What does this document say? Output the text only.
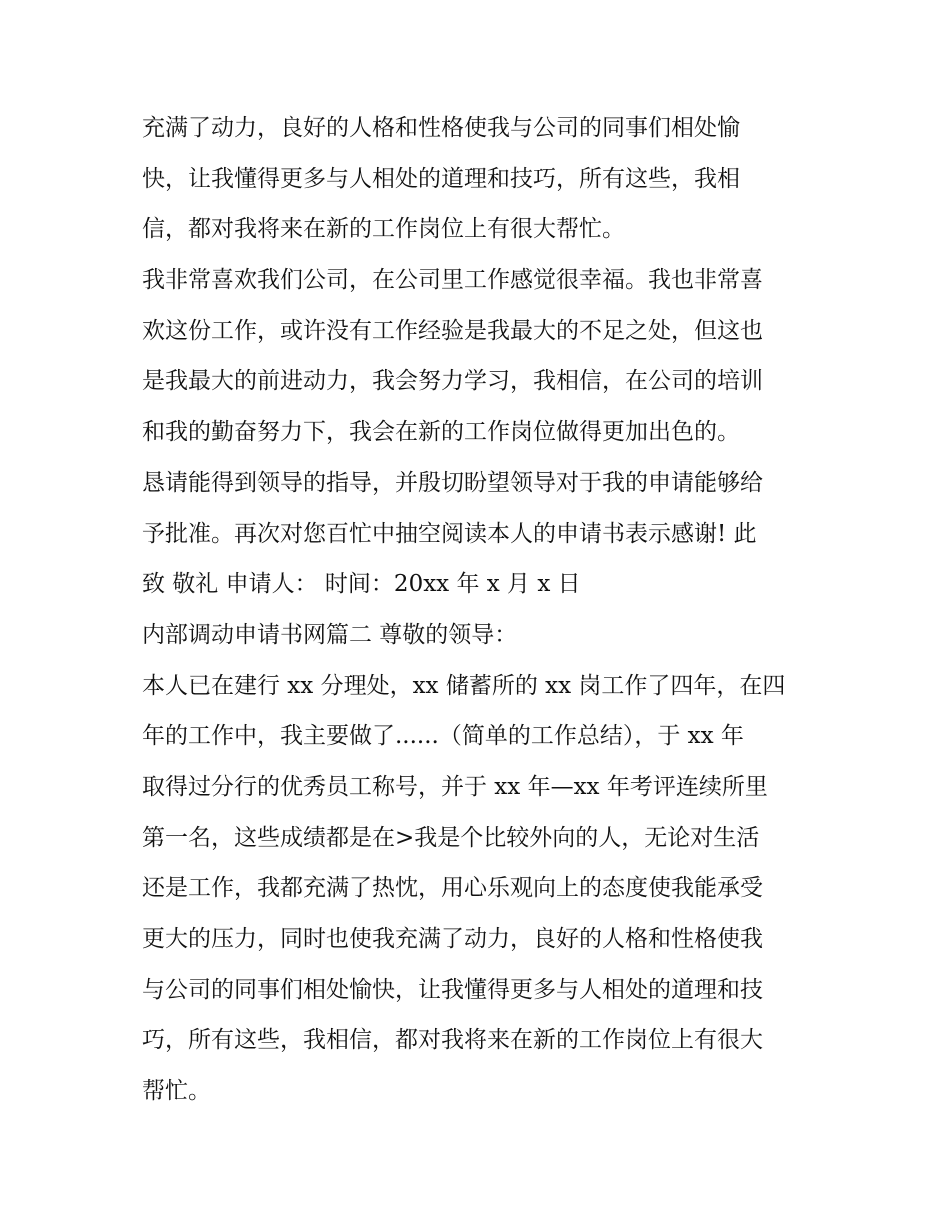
充满了动力，良好的人格和性格使我与公司的同事们相处愉
快，让我懂得更多与人相处的道理和技巧，所有这些，我相
信，都对我将来在新的工作岗位上有很大帮忙。
我非常喜欢我们公司，在公司里工作感觉很幸福。我也非常喜
欢这份工作，或许没有工作经验是我最大的不足之处，但这也
是我最大的前进动力，我会努力学习，我相信，在公司的培训
和我的勤奋努力下，我会在新的工作岗位做得更加出色的。
恳请能得到领导的指导，并殷切盼望领导对于我的申请能够给
予批准。再次对您百忙中抽空阅读本人的申请书表示感谢! 此
致 敬礼 申请人： 时间：20xx 年 x 月 x 日
内部调动申请书网篇二 尊敬的领导：
本人已在建行 xx 分理处，xx 储蓄所的 xx 岗工作了四年，在四
年的工作中，我主要做了......（简单的工作总结），于 xx 年
取得过分行的优秀员工称号，并于 xx 年—xx 年考评连续所里
第一名，这些成绩都是在>我是个比较外向的人，无论对生活
还是工作，我都充满了热忱，用心乐观向上的态度使我能承受
更大的压力，同时也使我充满了动力，良好的人格和性格使我
与公司的同事们相处愉快，让我懂得更多与人相处的道理和技
巧，所有这些，我相信，都对我将来在新的工作岗位上有很大
帮忙。
